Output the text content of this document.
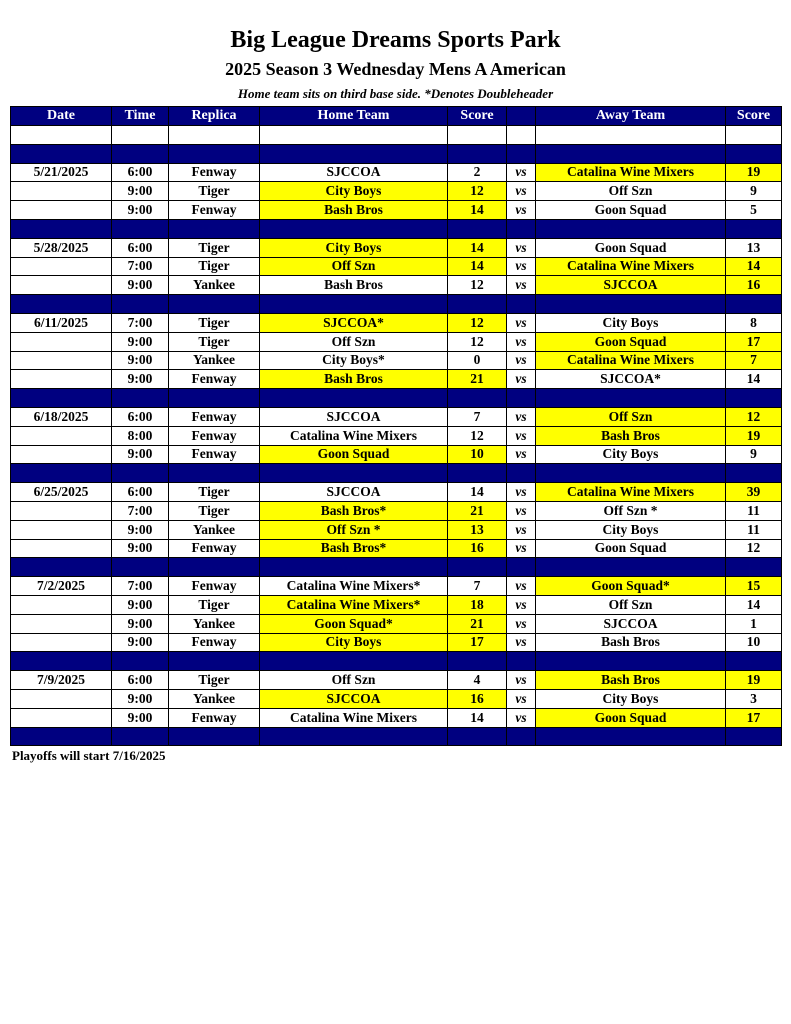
Big League Dreams Sports Park
2025 Season 3 Wednesday Mens A American
Home team sits on third base side. *Denotes Doubleheader
Date	Time	Replica	Home Team	Score		Away Team	Score

5/21/2025	6:00	Fenway	SJCCOA	2	vs	Catalina Wine Mixers	19
	9:00	Tiger	City Boys	12	vs	Off Szn	9
	9:00	Fenway	Bash Bros	14	vs	Goon Squad	5

5/28/2025	6:00	Tiger	City Boys	14	vs	Goon Squad	13
	7:00	Tiger	Off Szn	14	vs	Catalina Wine Mixers	14
	9:00	Yankee	Bash Bros	12	vs	SJCCOA	16

6/11/2025	7:00	Tiger	SJCCOA*	12	vs	City Boys	8
	9:00	Tiger	Off Szn	12	vs	Goon Squad	17
	9:00	Yankee	City Boys*	0	vs	Catalina Wine Mixers	7
	9:00	Fenway	Bash Bros	21	vs	SJCCOA*	14

6/18/2025	6:00	Fenway	SJCCOA	7	vs	Off Szn	12
	8:00	Fenway	Catalina Wine Mixers	12	vs	Bash Bros	19
	9:00	Fenway	Goon Squad	10	vs	City Boys	9

6/25/2025	6:00	Tiger	SJCCOA	14	vs	Catalina Wine Mixers	39
	7:00	Tiger	Bash Bros*	21	vs	Off Szn *	11
	9:00	Yankee	Off Szn *	13	vs	City Boys	11
	9:00	Fenway	Bash Bros*	16	vs	Goon Squad	12

7/2/2025	7:00	Fenway	Catalina Wine Mixers*	7	vs	Goon Squad*	15
	9:00	Tiger	Catalina Wine Mixers*	18	vs	Off Szn	14
	9:00	Yankee	Goon Squad*	21	vs	SJCCOA	1
	9:00	Fenway	City Boys	17	vs	Bash Bros	10

7/9/2025	6:00	Tiger	Off Szn	4	vs	Bash Bros	19
	9:00	Yankee	SJCCOA	16	vs	City Boys	3
	9:00	Fenway	Catalina Wine Mixers	14	vs	Goon Squad	17

Playoffs will start 7/16/2025
